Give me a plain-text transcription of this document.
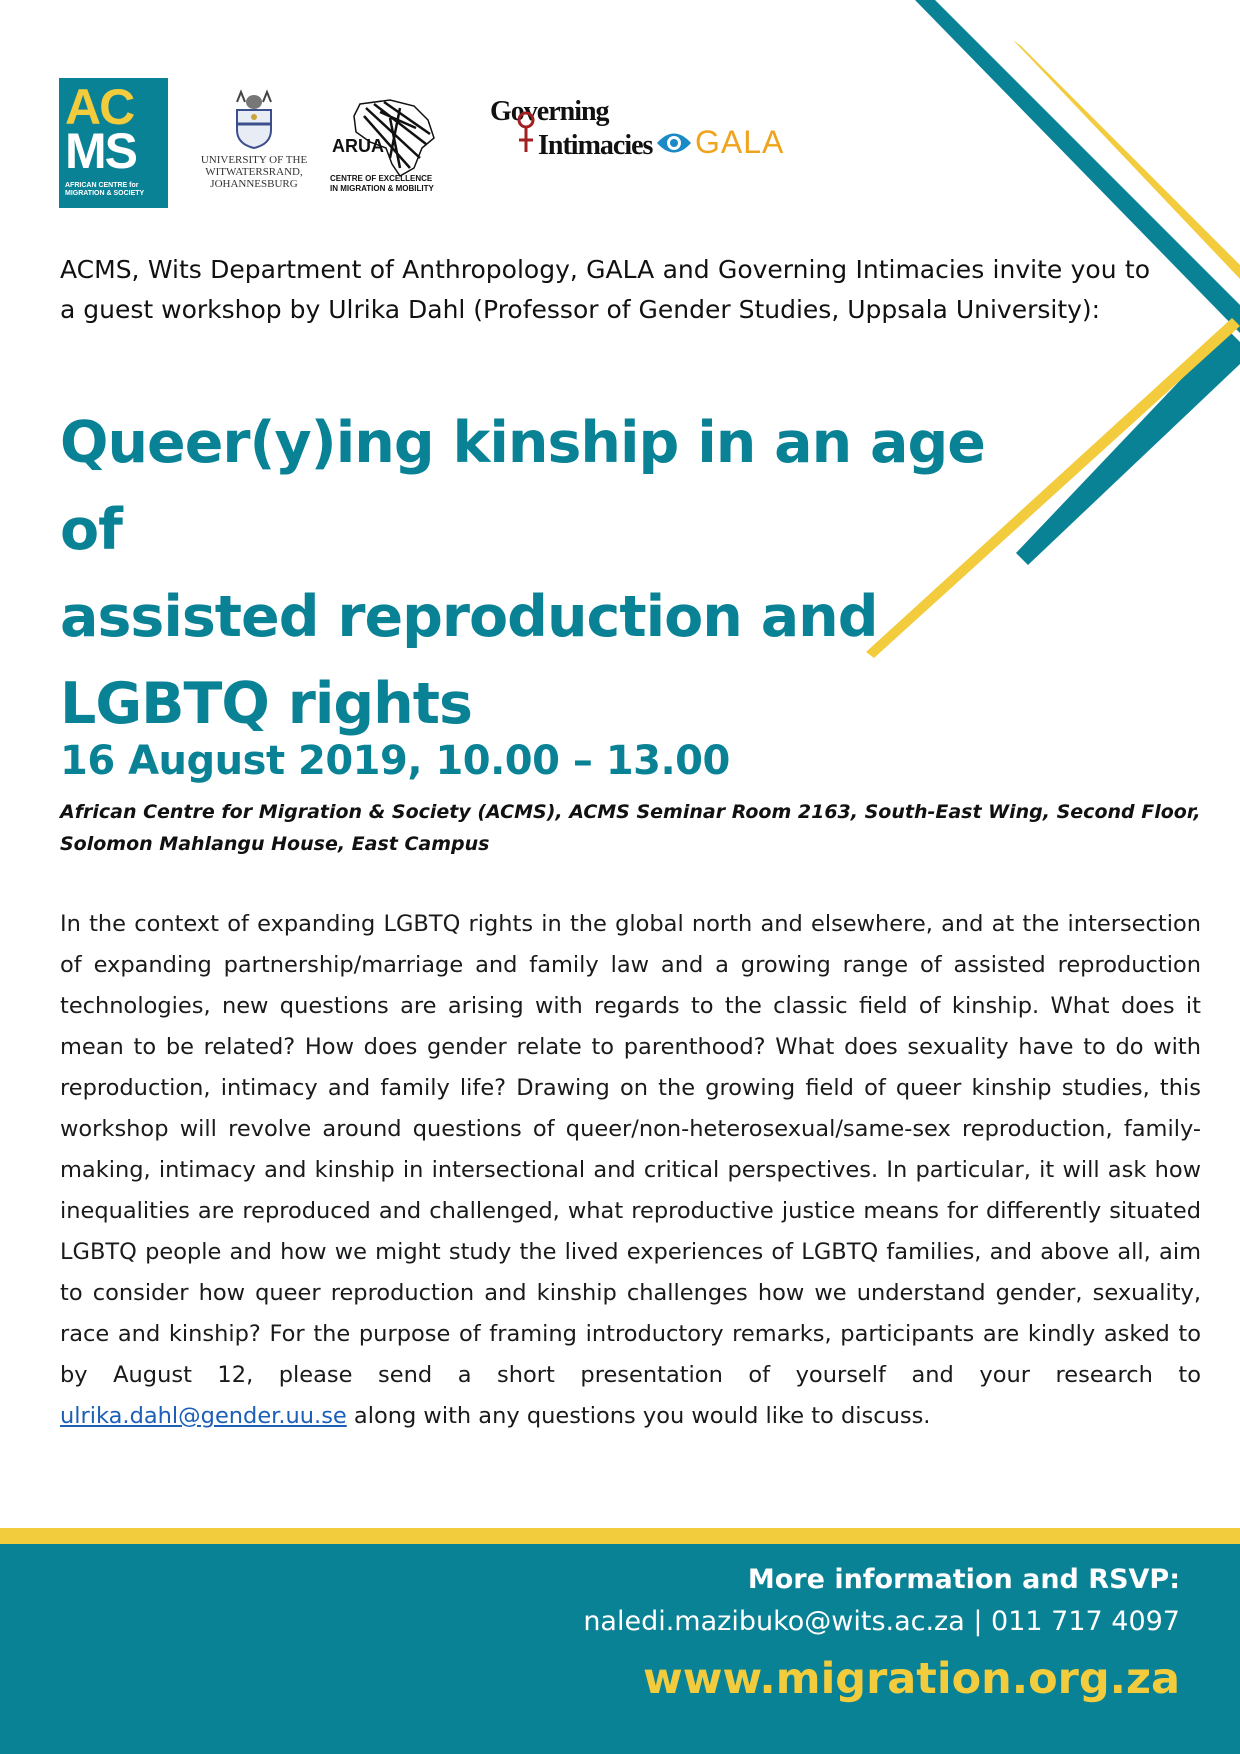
AC
MS
AFRICAN CENTRE for MIGRATION & SOCIETY
UNIVERSITY OF THE
WITWATERSRAND,
JOHANNESBURG
ARUA
CENTRE OF EXCELLENCE
IN MIGRATION & MOBILITY
Governing
Intimacies GALA
ACMS, Wits Department of Anthropology, GALA and Governing Intimacies invite you to a guest workshop by Ulrika Dahl (Professor of Gender Studies, Uppsala University):
Queer(y)ing kinship in an age of
assisted reproduction and
LGBTQ rights
16 August 2019, 10.00 – 13.00
African Centre for Migration & Society (ACMS), ACMS Seminar Room 2163, South-East Wing, Second Floor, Solomon Mahlangu House, East Campus
In the context of expanding LGBTQ rights in the global north and elsewhere, and at the intersection of expanding partnership/marriage and family law and a growing range of assisted reproduction technologies, new questions are arising with regards to the classic field of kinship. What does it mean to be related? How does gender relate to parenthood? What does sexuality have to do with reproduction, intimacy and family life? Drawing on the growing field of queer kinship studies, this workshop will revolve around questions of queer/non-heterosexual/same-sex reproduction, family-making, intimacy and kinship in intersectional and critical perspectives. In particular, it will ask how inequalities are reproduced and challenged, what reproductive justice means for differently situated LGBTQ people and how we might study the lived experiences of LGBTQ families, and above all, aim to consider how queer reproduction and kinship challenges how we understand gender, sexuality, race and kinship? For the purpose of framing introductory remarks, participants are kindly asked to by August 12, please send a short presentation of yourself and your research to ulrika.dahl@gender.uu.se along with any questions you would like to discuss.
More information and RSVP:
naledi.mazibuko@wits.ac.za | 011 717 4097
www.migration.org.za
